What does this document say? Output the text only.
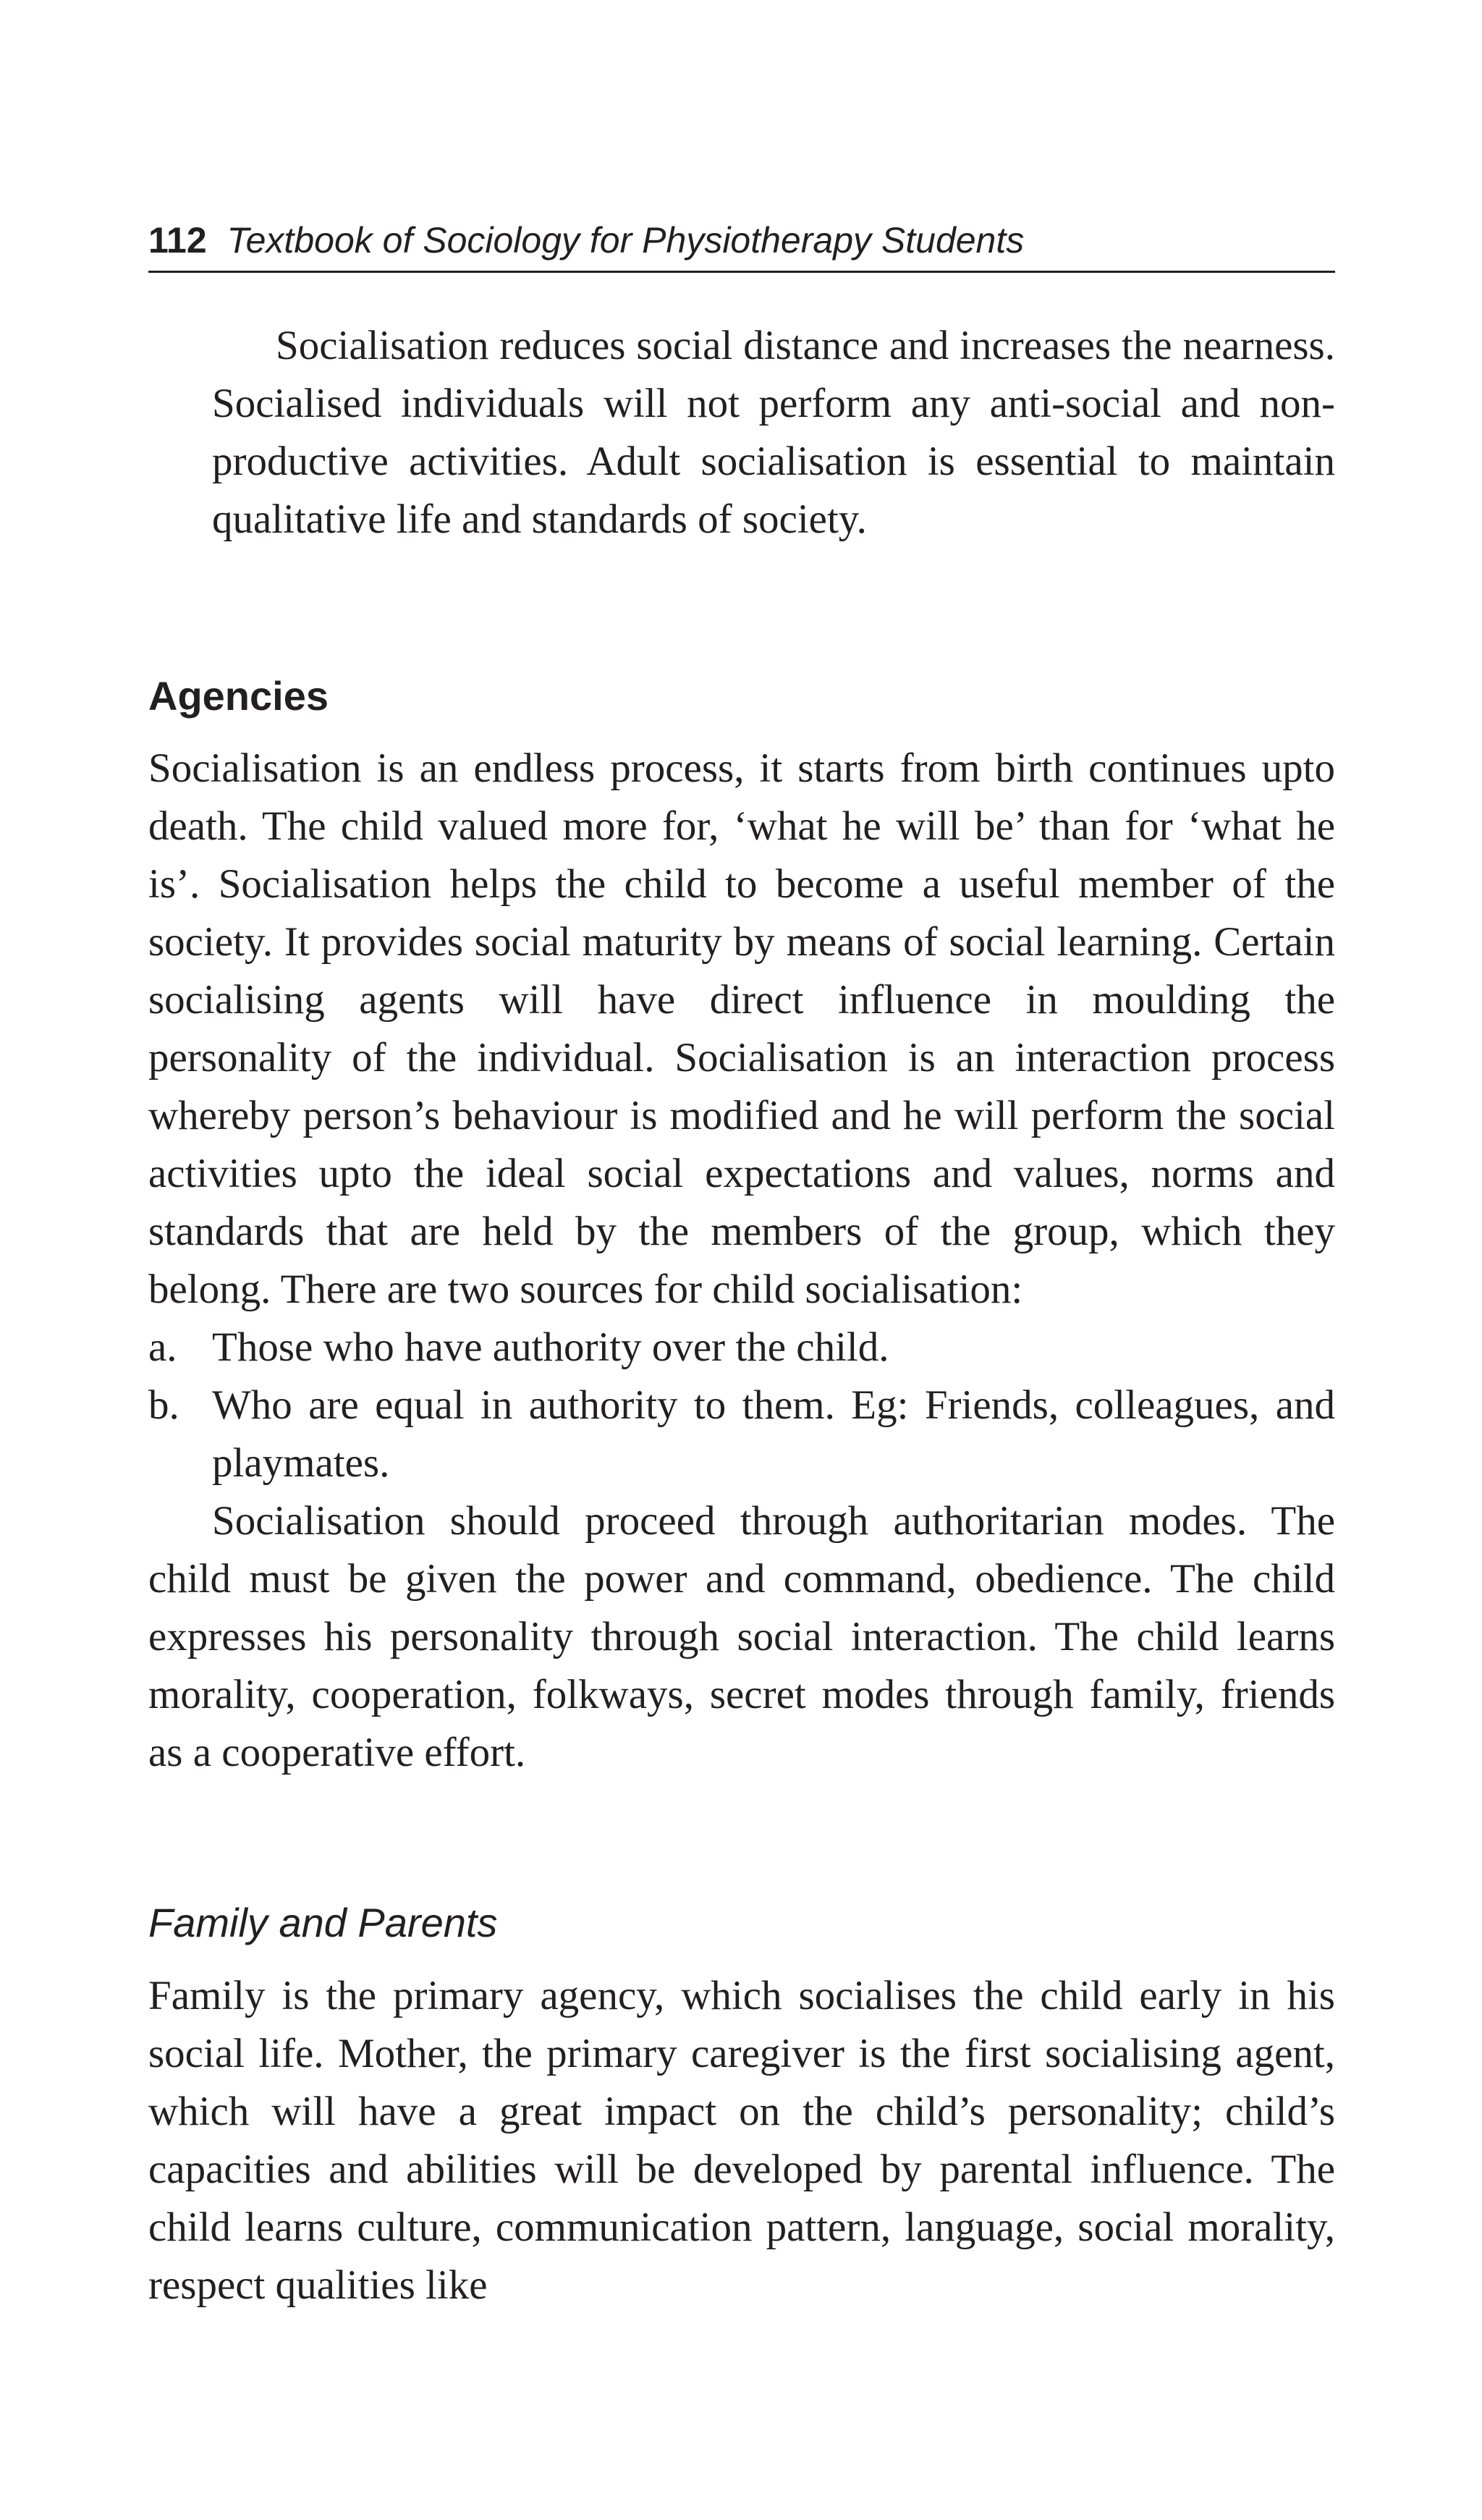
112 Textbook of Sociology for Physiotherapy Students

Socialisation reduces social distance and increases the nearness. Socialised individuals will not perform any anti-social and non-productive activities. Adult socialisation is essential to maintain qualitative life and standards of society.

Agencies

Socialisation is an endless process, it starts from birth continues upto death. The child valued more for, ‘what he will be’ than for ‘what he is’. Socialisation helps the child to become a useful member of the society. It provides social maturity by means of social learning. Certain socialising agents will have direct influence in moulding the personality of the individual. Socialisation is an interaction process whereby person’s behaviour is modified and he will perform the social activities upto the ideal social expectations and values, norms and standards that are held by the members of the group, which they belong. There are two sources for child socialisation:

a. Those who have authority over the child.

b. Who are equal in authority to them. Eg: Friends, colleagues, and playmates.

Socialisation should proceed through authoritarian modes. The child must be given the power and command, obedience. The child expresses his personality through social interaction. The child learns morality, cooperation, folkways, secret modes through family, friends as a cooperative effort.

Family and Parents

Family is the primary agency, which socialises the child early in his social life. Mother, the primary caregiver is the first socialising agent, which will have a great impact on the child’s personality; child’s capacities and abilities will be developed by parental influence. The child learns culture, communication pattern, language, social morality, respect qualities like
